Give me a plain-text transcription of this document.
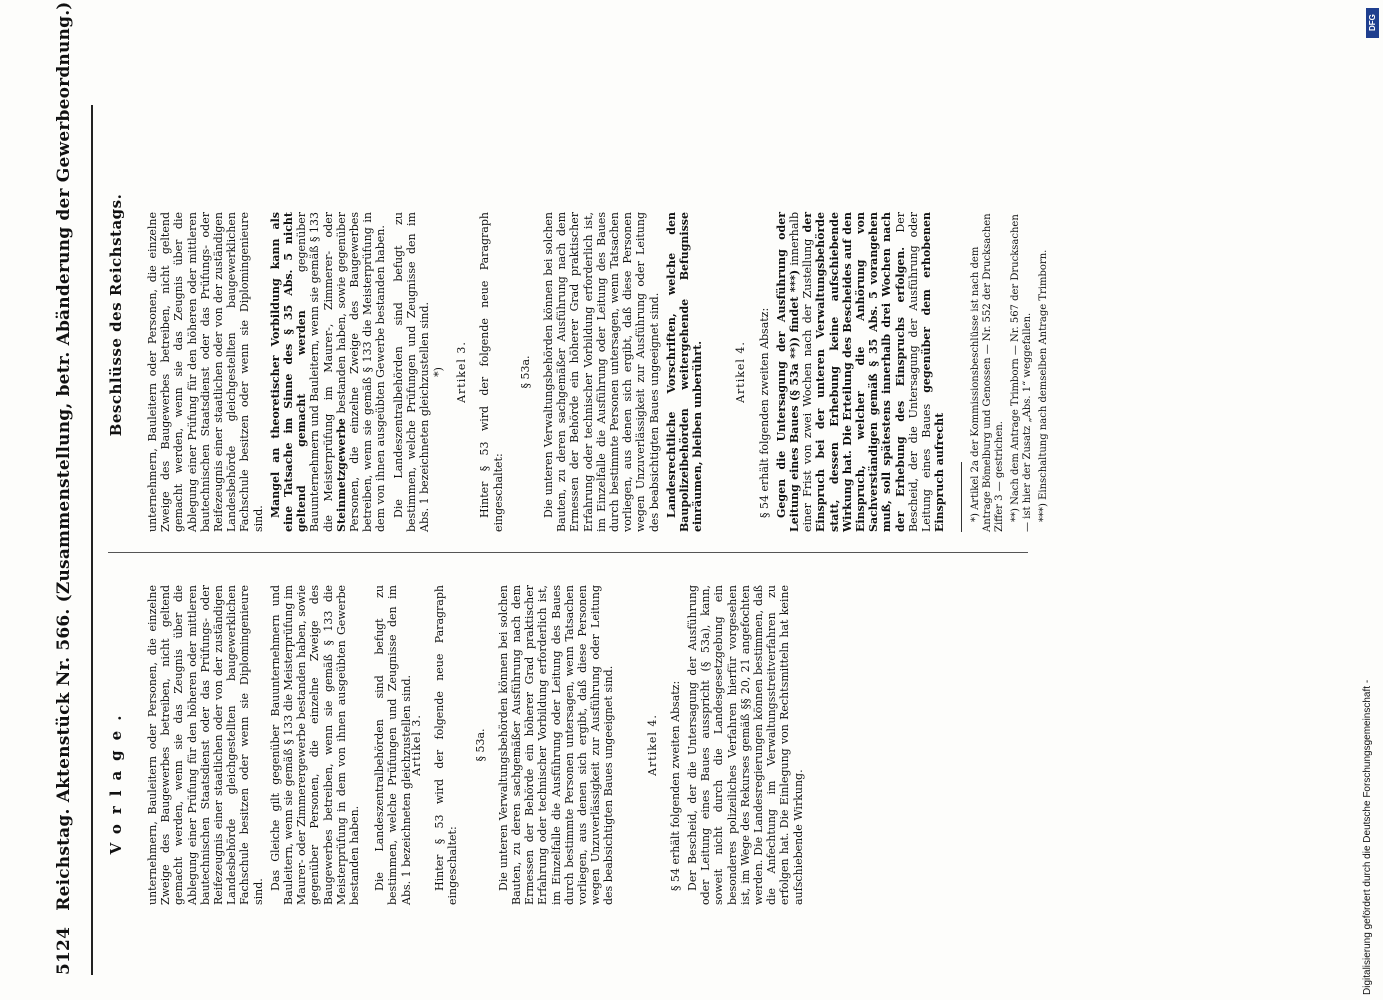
5124 Reichstag. Aktenstück Nr. 566. (Zusammenstellung, betr. Abänderung der Gewerbeordnung.)	Vorlage.
Beschlüsse des Reichstags.

unternehmern, Bauleitern oder Personen, die einzelne Zweige des Baugewerbes betreiben, nicht geltend gemacht werden, wenn sie das Zeugnis über die Ablegung einer Prüfung für den höheren oder mittleren bautechnischen Staatsdienst oder das Prüfungs- oder Reifezeugnis einer staatlichen oder von der zuständigen Landesbehörde gleichgestellten baugewerklichen Fachschule besitzen oder wenn sie Diplomingenieure sind.

Das Gleiche gilt gegenüber Bauunternehmern und Bauleitern, wenn sie gemäß § 133 die Meisterprüfung im Maurer- oder Zimmerergewerbe bestanden haben, sowie gegenüber Personen, die einzelne Zweige des Baugewerbes betreiben, wenn sie gemäß § 133 die Meisterprüfung in dem von ihnen ausgeübten Gewerbe bestanden haben. Die Landeszentralbehörden sind befugt zu bestimmen, welche Prüfungen und Zeugnisse den im Abs. 1 bezeichneten gleichzustellen sind.

Artikel 3. Hinter § 53 wird der folgende neue Paragraph eingeschaltet:

§ 53a. Die unteren Verwaltungsbehörden können bei solchen Bauten, zu deren sachgemäßer Ausführung nach dem Ermessen der Behörde ein höherer Grad praktischer Erfahrung oder technischer Vorbildung erforderlich ist, im Einzelfalle die Ausführung oder Leitung des Baues durch bestimmte Personen untersagen, wenn Tatsachen vorliegen, aus denen sich ergibt, daß diese Personen wegen Unzuverlässigkeit zur Ausführung oder Leitung des beabsichtigten Baues ungeeignet sind.	Artikel 4. § 54 erhält folgenden zweiten Absatz: Der Bescheid, der die Untersagung der Ausführung oder Leitung eines Baues ausspricht (§ 53a), kann, soweit nicht durch die Landesgesetzgebung ein besonderes polizeiliches Verfahren hierfür vorgesehen ist, im Wege des Rekurses gemäß §§ 20, 21 angefochten werden. Die Landesregierungen können bestimmen, daß die Anfechtung im Verwaltungsstreitverfahren zu erfolgen hat. Die Einlegung von Rechtsmitteln hat keine aufschiebende Wirkung.

unternehmern, Bauleitern oder Personen, die einzelne Zweige des Baugewerbes betreiben, nicht geltend gemacht werden, wenn sie das Zeugnis über die Ablegung einer Prüfung für den höheren oder mittleren bautechnischen Staatsdienst oder das Prüfungs- oder Reifezeugnis einer staatlichen oder von der zuständigen Landesbehörde gleichgestellten baugewerklichen Fachschule besitzen oder wenn sie Diplomingenieure sind.

Mangel an theoretischer Vorbildung kann als eine Tatsache im Sinne des § 35 Abs. 5 nicht geltend gemacht werden gegenüber Bauunternehmern und Bauleitern, wenn sie gemäß § 133 die Meisterprüfung im Maurer-, Zimmerer- oder Steinmetzgewerbe bestanden haben, sowie gegenüber Personen, die einzelne Zweige des Baugewerbes betreiben, wenn sie gemäß § 133 die Meisterprüfung in dem von ihnen ausgeübten Gewerbe bestanden haben. Die Landeszentralbehörden sind befugt zu bestimmen, welche Prüfungen und Zeugnisse den im Abs. 1 bezeichneten gleichzustellen sind. *) Artikel 3. Hinter § 53 wird der folgende neue Paragraph eingeschaltet:

§ 53a. Die unteren Verwaltungsbehörden können bei solchen Bauten, zu deren sachgemäßer Ausführung nach dem Ermessen der Behörde ein höherer Grad praktischer Erfahrung oder technischer Vorbildung erforderlich ist, im Einzelfalle die Ausführung oder Leitung des Baues durch bestimmte Personen untersagen, wenn Tatsachen vorliegen, aus denen sich ergibt, daß diese Personen wegen Unzuverlässigkeit zur Ausführung oder Leitung des beabsichtigten Baues ungeeignet sind. Landesrechtliche Vorschriften, welche den Baupolizeibehörden weitergehende Befugnisse einräumen, bleiben unberührt.	Artikel 4. § 54 erhält folgenden zweiten Absatz: Gegen die Untersagung der Ausführung oder Leitung eines Baues (§ 53a **)) findet ***) innerhalb einer Frist von zwei Wochen nach der Zustellung der Einspruch bei der unteren Verwaltungsbehörde statt, dessen Erhebung keine aufschiebende Wirkung hat. Die Erteilung des Bescheides auf den Einspruch, welcher die Anhörung von Sachverständigen gemäß § 35 Abs. 5 vorangehen muß, soll spätestens innerhalb drei Wochen nach der Erhebung des Einspruchs erfolgen. Der Bescheid, der die Untersagung der Ausführung oder Leitung eines Baues gegenüber dem erhobenen Einspruch aufrecht *) Artikel 2a der Kommissionsbeschlüsse ist nach dem Antrage Bömelburg und Genossen — Nr. 552 der Drucksachen Ziffer 3 — gestrichen. **) Nach dem Antrage Trimborn — Nr. 567 der Drucksachen — ist hier der Zusatz „Abs. 1“ weggefallen. ***) Einschaltung nach demselben Antrage Trimborn.

DFG
Digitalisierung gefördert durch die Deutsche Forschungsgemeinschaft -
